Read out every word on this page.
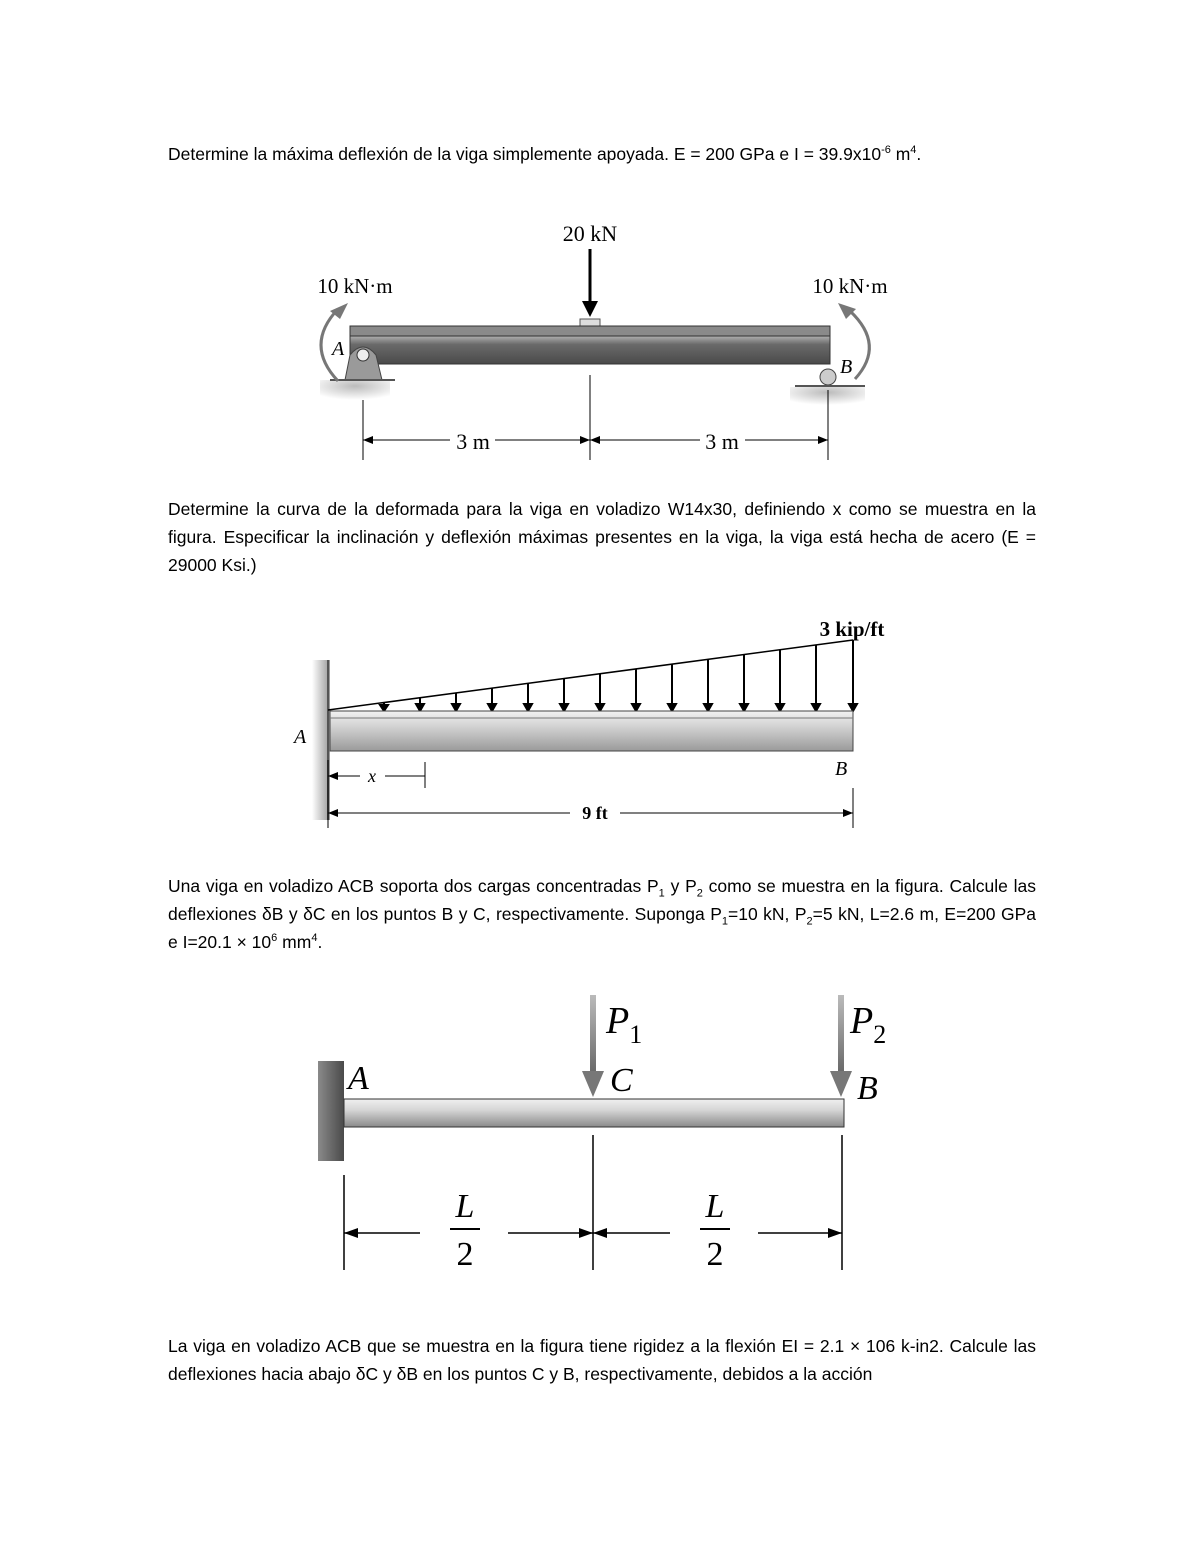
Determine la máxima deflexión de la viga simplemente apoyada. E = 200 GPa e $I = 39.9x10^{-6}$ $m^4$.
20 kN
10 kN·m	10 kN·m
A
B
3 m	3 m
Determine la curva de la deformada para la viga en voladizo W14x30, definiendo x como se muestra en la figura. Especificar la inclinación y deflexión máximas presentes en la viga, la viga está hecha de acero (E = 29000 Ksi.)
3 kip/ft
A
B
x
9 ft
Una viga en voladizo ACB soporta dos cargas concentradas $P_1$ y $P_2$ como se muestra en la figura. Calcule las deflexiones δB y δC en los puntos B y C, respectivamente. Suponga $P_1=10$ kN, $P_2=5$ kN, L=2.6 m, E=200 GPa e $I=20.1 \times 10^6$ $mm^4$.
$P_1$	$P_2$
A	C	B
L
2
L
2
La viga en voladizo ACB que se muestra en la figura tiene rigidez a la flexión EI = 2.1 × 106 k-in2. Calcule las deflexiones hacia abajo δC y δB en los puntos C y B, respectivamente, debidos a la acción
